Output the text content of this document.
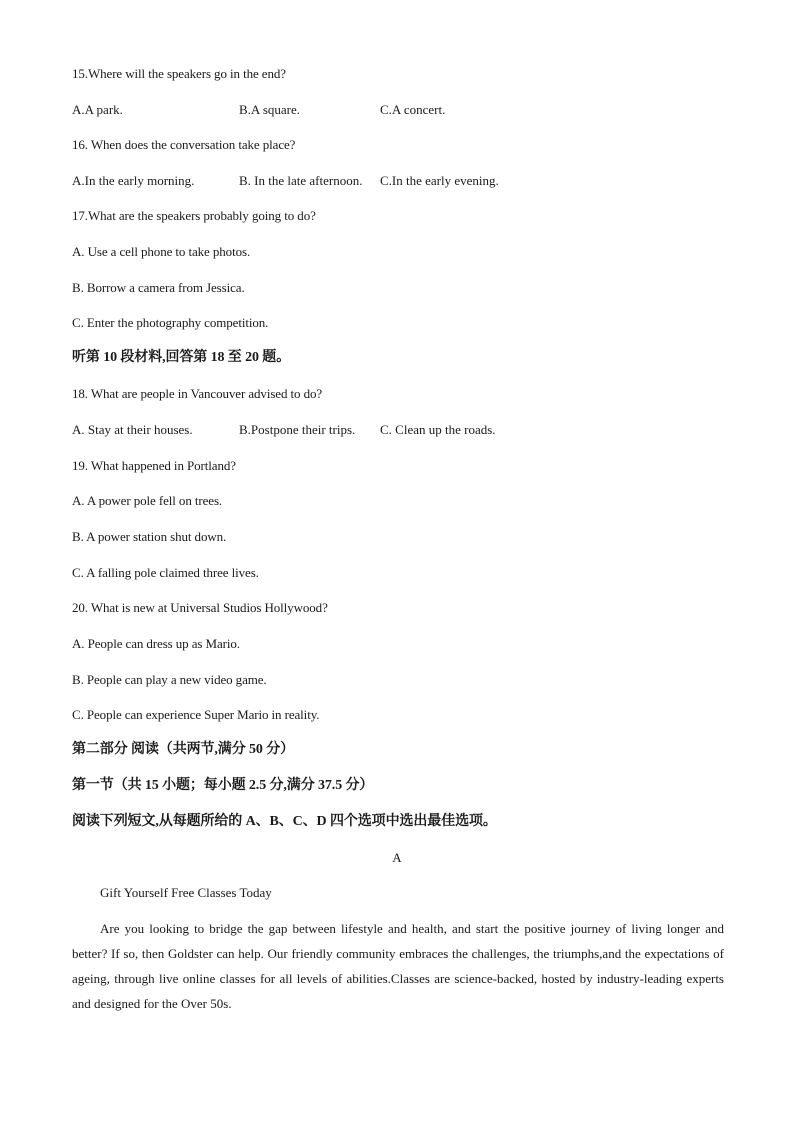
15.Where will the speakers go in the end?
A.A park.	B.A square.	C.A concert.
16. When does the conversation take place?
A.In the early morning.	B. In the late afternoon. C.In the early evening.
17.What are the speakers probably going to do?
A. Use a cell phone to take photos.
B. Borrow a camera from Jessica.
C. Enter the photography competition.
听第 10 段材料,回答第 18 至 20 题。
18. What are people in Vancouver advised to do?
A. Stay at their houses.	B.Postpone their trips. C. Clean up the roads.
19. What happened in Portland?
A. A power pole fell on trees.
B. A power station shut down.
C. A falling pole claimed three lives.
20. What is new at Universal Studios Hollywood?
A. People can dress up as Mario.
B. People can play a new video game.
C. People can experience Super Mario in reality.
第二部分 阅读（共两节,满分 50 分）
第一节（共 15 小题；每小题 2.5 分,满分 37.5 分）
阅读下列短文,从每题所给的 A、B、C、D 四个选项中选出最佳选项。
A
Gift Yourself Free Classes Today
Are you looking to bridge the gap between lifestyle and health, and start the positive journey of living longer and better? If so, then Goldster can help. Our friendly community embraces the challenges, the triumphs,and the expectations of ageing, through live online classes for all levels of abilities.Classes are science-backed, hosted by industry-leading experts and designed for the Over 50s.
